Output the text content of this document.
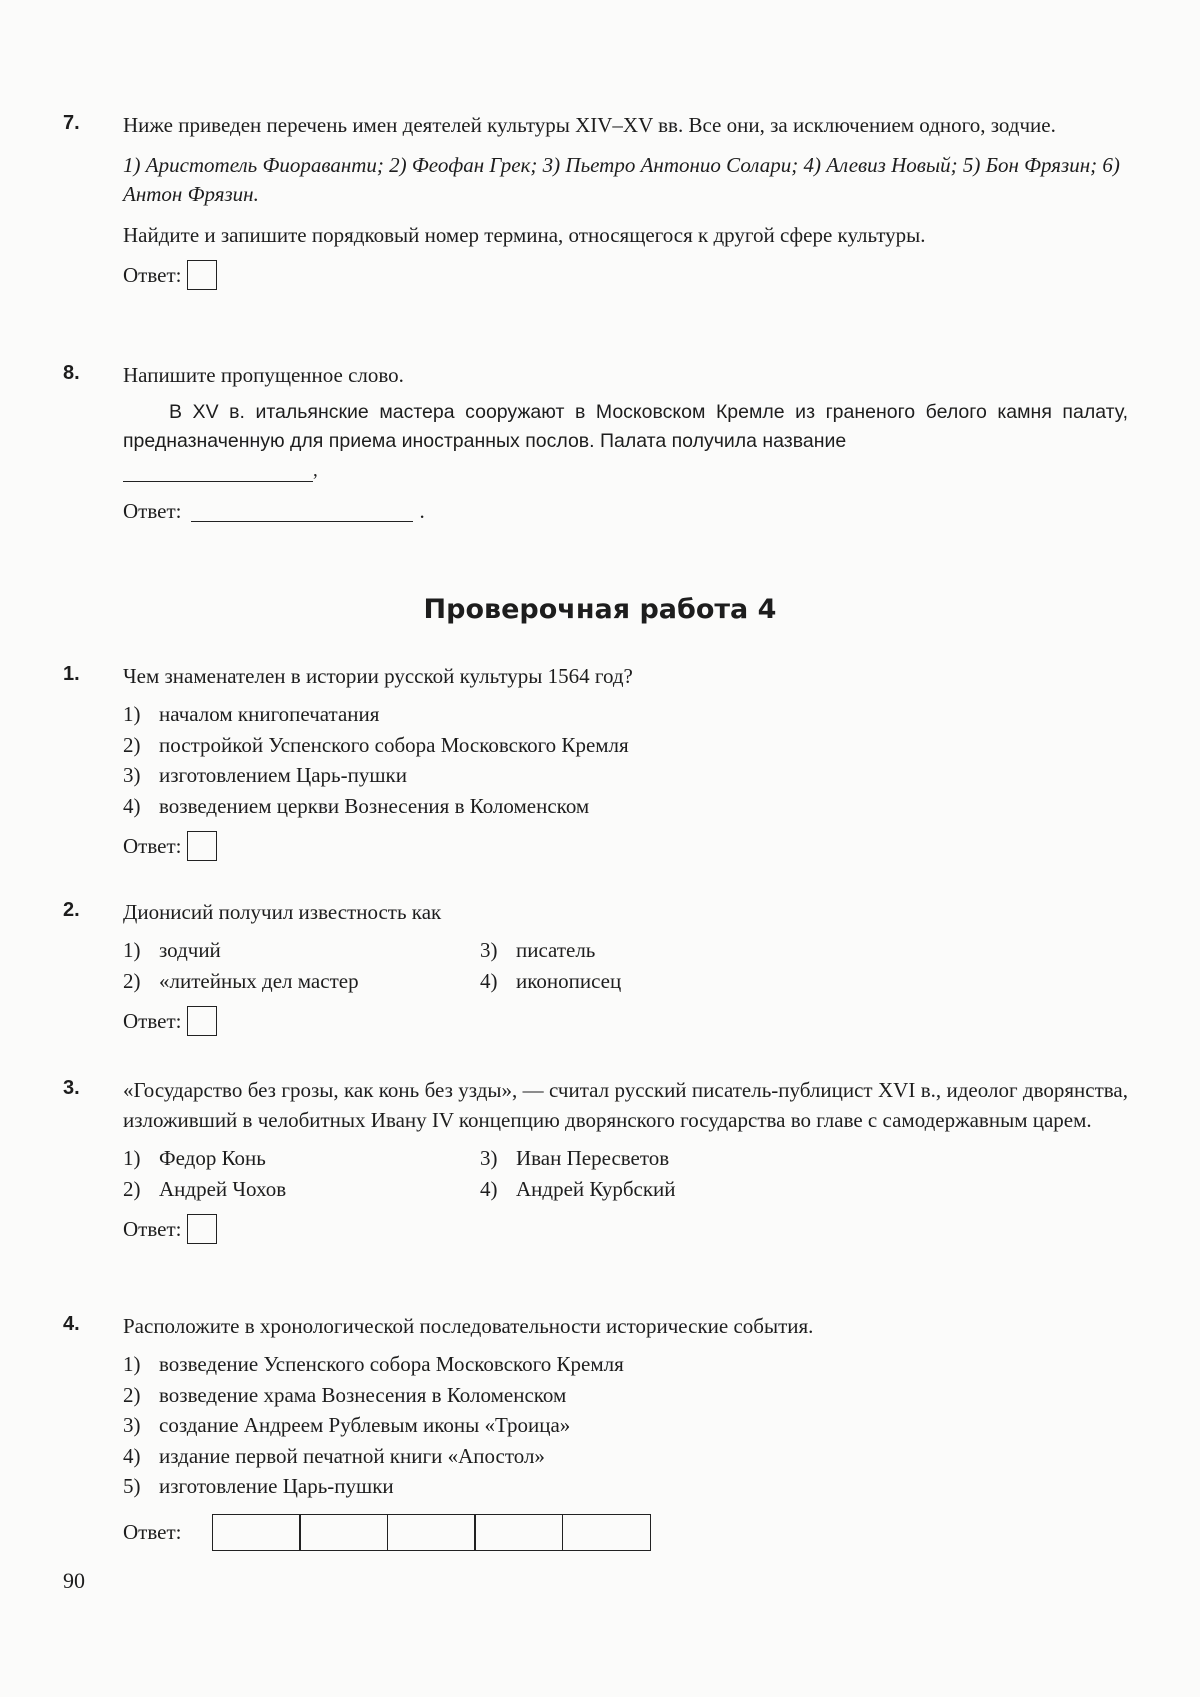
7. Ниже приведен перечень имен деятелей культуры XIV–XV вв. Все они, за исключением одного, зодчие.

1) Аристотель Фиораванти; 2) Феофан Грек; 3) Пьетро Антонио Солари; 4) Алевиз Новый; 5) Бон Фрязин; 6) Антон Фрязин.

Найдите и запишите порядковый номер термина, относящегося к другой сфере культуры.

Ответ:
8. Напишите пропущенное слово.

В XV в. итальянские мастера сооружают в Московском Кремле из граненого белого камня палату, предназначенную для приема иностранных послов. Палата получила название

,
Ответ:	.
Проверочная работа 4
1. Чем знаменателен в истории русской культуры 1564 год?

1) началом книгопечатания
2) постройкой Успенского собора Московского Кремля
3) изготовлением Царь-пушки
4) возведением церкви Вознесения в Коломенском
Ответ:
2. Дионисий получил известность как

1) зодчий	3) писатель
2) «литейных дел мастер	4) иконописец
Ответ:
3. «Государство без грозы, как конь без узды», — считал русский писатель-публицист XVI в., идеолог дворянства, изложивший в челобитных Ивану IV концепцию дворянского государства во главе с самодержавным царем.

1) Федор Конь	3) Иван Пересветов
2) Андрей Чохов	4) Андрей Курбский
Ответ:
4. Расположите в хронологической последовательности исторические события.

1) возведение Успенского собора Московского Кремля
2) возведение храма Вознесения в Коломенском
3) создание Андреем Рублевым иконы «Троица»
4) издание первой печатной книги «Апостол»
5) изготовление Царь-пушки
Ответ:
90
